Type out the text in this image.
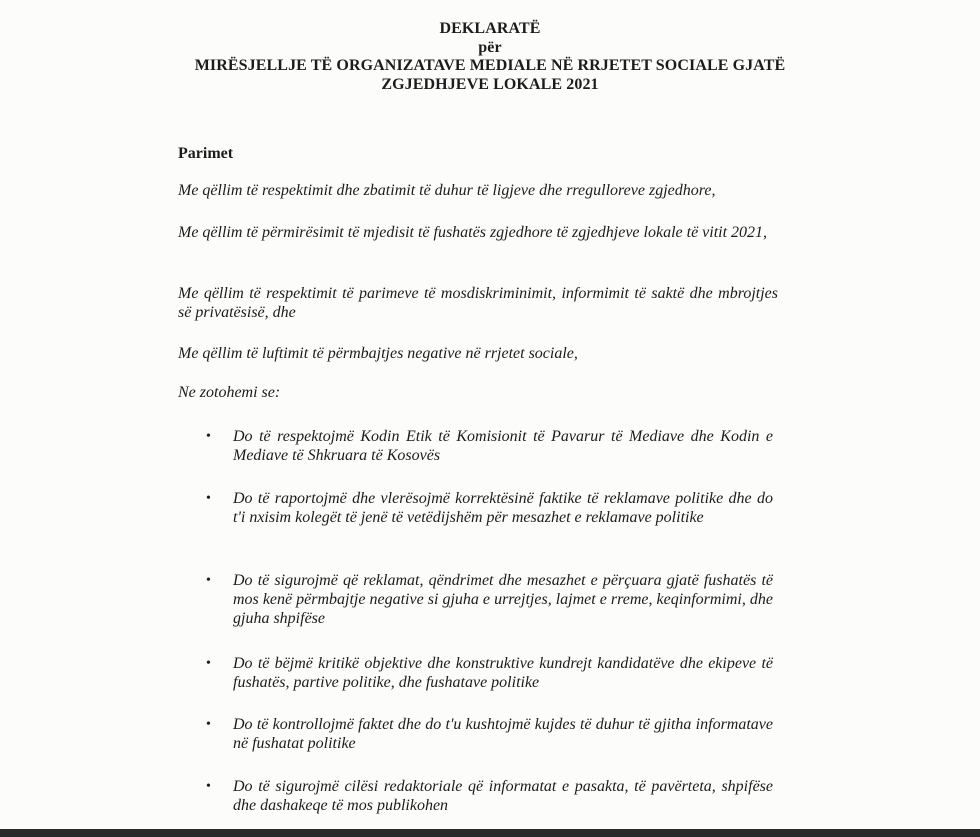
DEKLARATË
për
MIRËSJELLJE TË ORGANIZATAVE MEDIALE NË RRJETET SOCIALE GJATË
ZGJEDHJEVE LOKALE 2021
Parimet
Me qëllim të respektimit dhe zbatimit të duhur të ligjeve dhe rregulloreve zgjedhore,
Me qëllim të përmirësimit të mjedisit të fushatës zgjedhore të zgjedhjeve lokale të vitit 2021,
Me qëllim të respektimit të parimeve të mosdiskriminimit, informimit të saktë dhe mbrojtjes së privatësisë, dhe
Me qëllim të luftimit të përmbajtjes negative në rrjetet sociale,
Ne zotohemi se:
•	Do të respektojmë Kodin Etik të Komisionit të Pavarur të Mediave dhe Kodin e Mediave të Shkruara të Kosovës
•	Do të raportojmë dhe vlerësojmë korrektësinë faktike të reklamave politike dhe do t'i nxisim kolegët të jenë të vetëdijshëm për mesazhet e reklamave politike
•	Do të sigurojmë që reklamat, qëndrimet dhe mesazhet e përçuara gjatë fushatës të mos kenë përmbajtje negative si gjuha e urrejtjes, lajmet e rreme, keqinformimi, dhe gjuha shpifëse
•	Do të bëjmë kritikë objektive dhe konstruktive kundrejt kandidatëve dhe ekipeve të fushatës, partive politike, dhe fushatave politike
•	Do të kontrollojmë faktet dhe do t'u kushtojmë kujdes të duhur të gjitha informatave në fushatat politike
•	Do të sigurojmë cilësi redaktoriale që informatat e pasakta, të pavërteta, shpifëse dhe dashakeqe të mos publikohen
